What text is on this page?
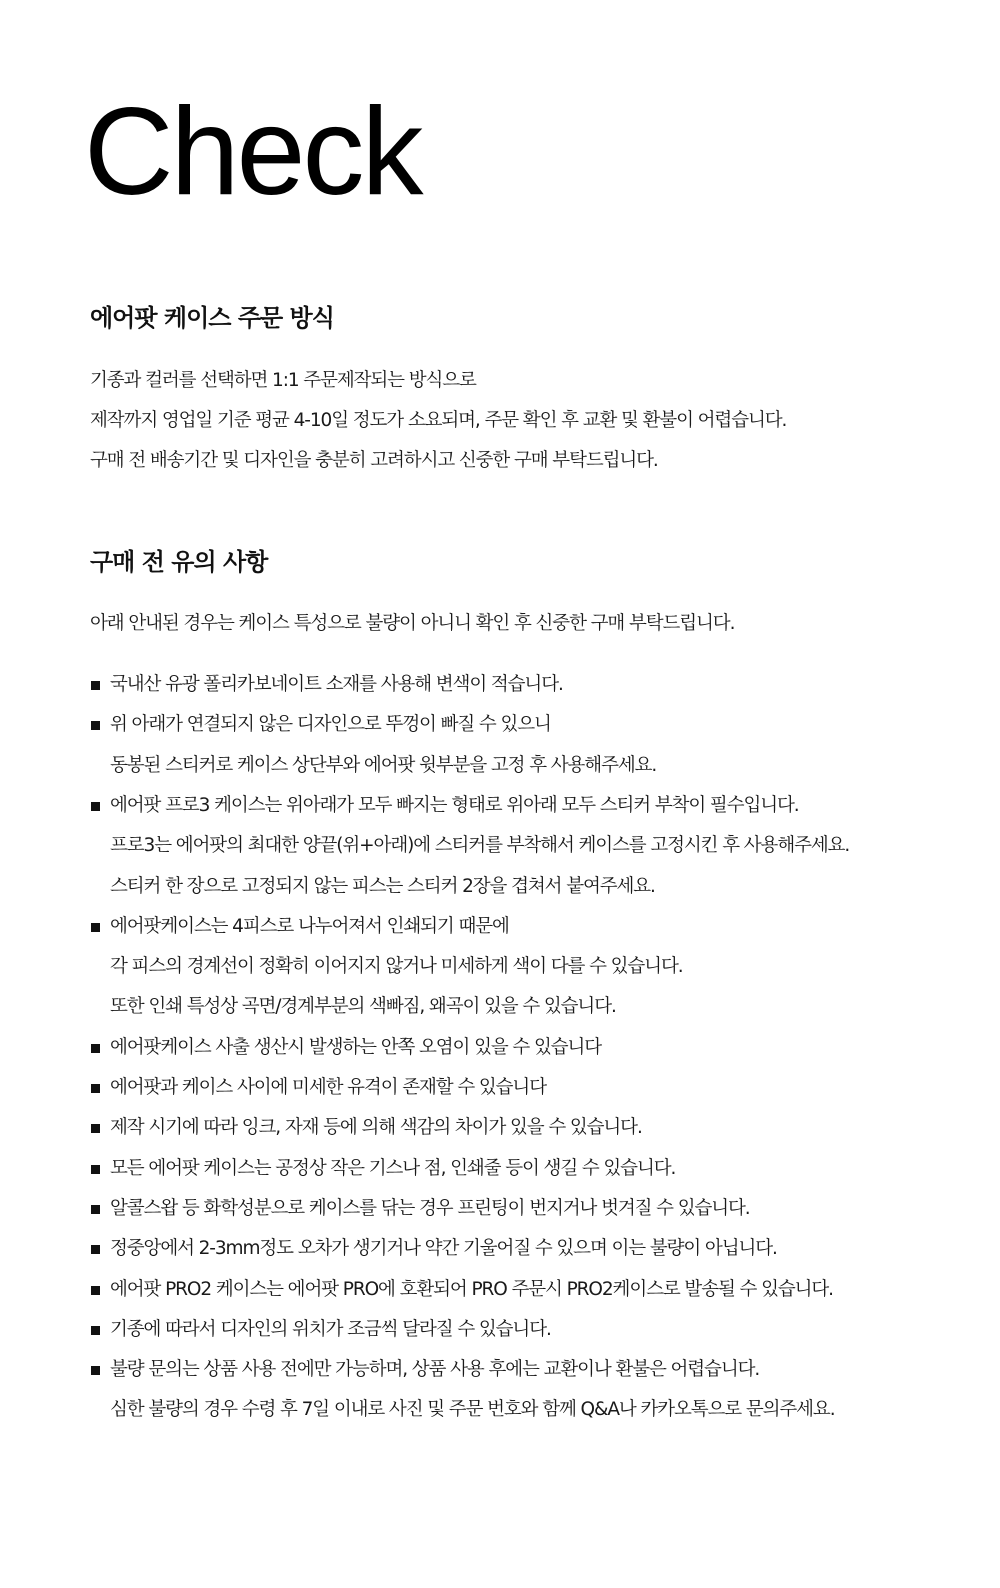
Check
에어팟 케이스 주문 방식

기종과 컬러를 선택하면 1:1 주문제작되는 방식으로

제작까지 영업일 기준 평균 4-10일 정도가 소요되며, 주문 확인 후 교환 및 환불이 어렵습니다.

구매 전 배송기간 및 디자인을 충분히 고려하시고 신중한 구매 부탁드립니다.

구매 전 유의 사항

아래 안내된 경우는 케이스 특성으로 불량이 아니니 확인 후 신중한 구매 부탁드립니다.

국내산 유광 폴리카보네이트 소재를 사용해 변색이 적습니다.

위 아래가 연결되지 않은 디자인으로 뚜껑이 빠질 수 있으니

동봉된 스티커로 케이스 상단부와 에어팟 윗부분을 고정 후 사용해주세요.

에어팟 프로3 케이스는 위아래가 모두 빠지는 형태로 위아래 모두 스티커 부착이 필수입니다.

프로3는 에어팟의 최대한 양끝(위+아래)에 스티커를 부착해서 케이스를 고정시킨 후 사용해주세요.

스티커 한 장으로 고정되지 않는 피스는 스티커 2장을 겹쳐서 붙여주세요.

에어팟케이스는 4피스로 나누어져서 인쇄되기 때문에

각 피스의 경계선이 정확히 이어지지 않거나 미세하게 색이 다를 수 있습니다.

또한 인쇄 특성상 곡면/경계부분의 색빠짐, 왜곡이 있을 수 있습니다.

에어팟케이스 사출 생산시 발생하는 안쪽 오염이 있을 수 있습니다

에어팟과 케이스 사이에 미세한 유격이 존재할 수 있습니다

제작 시기에 따라 잉크, 자재 등에 의해 색감의 차이가 있을 수 있습니다.

모든 에어팟 케이스는 공정상 작은 기스나 점, 인쇄줄 등이 생길 수 있습니다.

알콜스왑 등 화학성분으로 케이스를 닦는 경우 프린팅이 번지거나 벗겨질 수 있습니다.

정중앙에서 2-3mm정도 오차가 생기거나 약간 기울어질 수 있으며 이는 불량이 아닙니다.

에어팟 PRO2 케이스는 에어팟 PRO에 호환되어 PRO 주문시 PRO2케이스로 발송될 수 있습니다.

기종에 따라서 디자인의 위치가 조금씩 달라질 수 있습니다.

불량 문의는 상품 사용 전에만 가능하며, 상품 사용 후에는 교환이나 환불은 어렵습니다.

심한 불량의 경우 수령 후 7일 이내로 사진 및 주문 번호와 함께 Q&A나 카카오톡으로 문의주세요.
